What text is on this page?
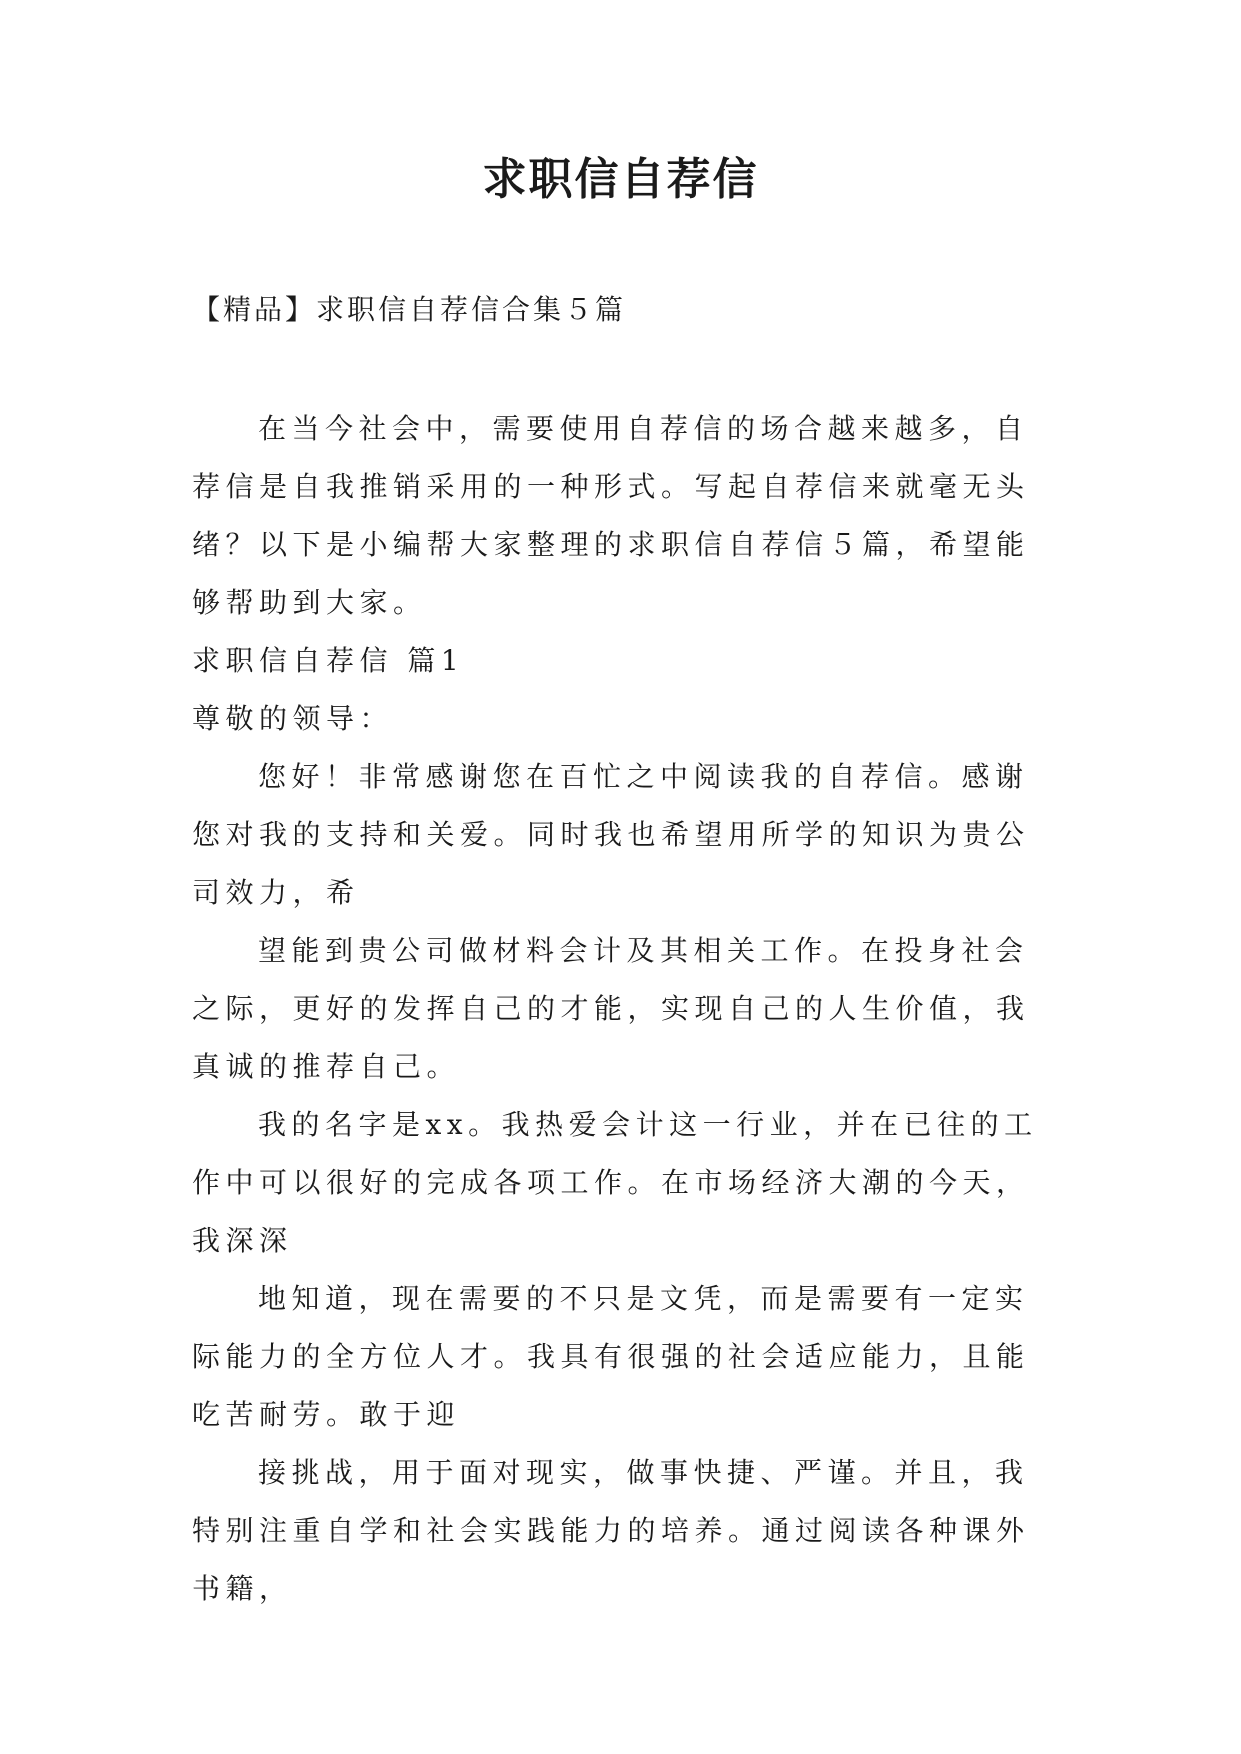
求职信自荐信
【精品】求职信自荐信合集５篇

在当今社会中，需要使用自荐信的场合越来越多，自荐信是自我推销采用的一种形式。写起自荐信来就毫无头绪？以下是小编帮大家整理的求职信自荐信５篇，希望能够帮助到大家。

求职信自荐信 篇1

尊敬的领导：

您好！非常感谢您在百忙之中阅读我的自荐信。感谢您对我的支持和关爱。同时我也希望用所学的知识为贵公司效力，希

望能到贵公司做材料会计及其相关工作。在投身社会之际，更好的发挥自己的才能，实现自己的人生价值，我真诚的推荐自己。

我的名字是xx。我热爱会计这一行业，并在已往的工作中可以很好的完成各项工作。在市场经济大潮的今天，我深深

地知道，现在需要的不只是文凭，而是需要有一定实际能力的全方位人才。我具有很强的社会适应能力，且能吃苦耐劳。敢于迎

接挑战，用于面对现实，做事快捷、严谨。并且，我特别注重自学和社会实践能力的培养。通过阅读各种课外书籍，
